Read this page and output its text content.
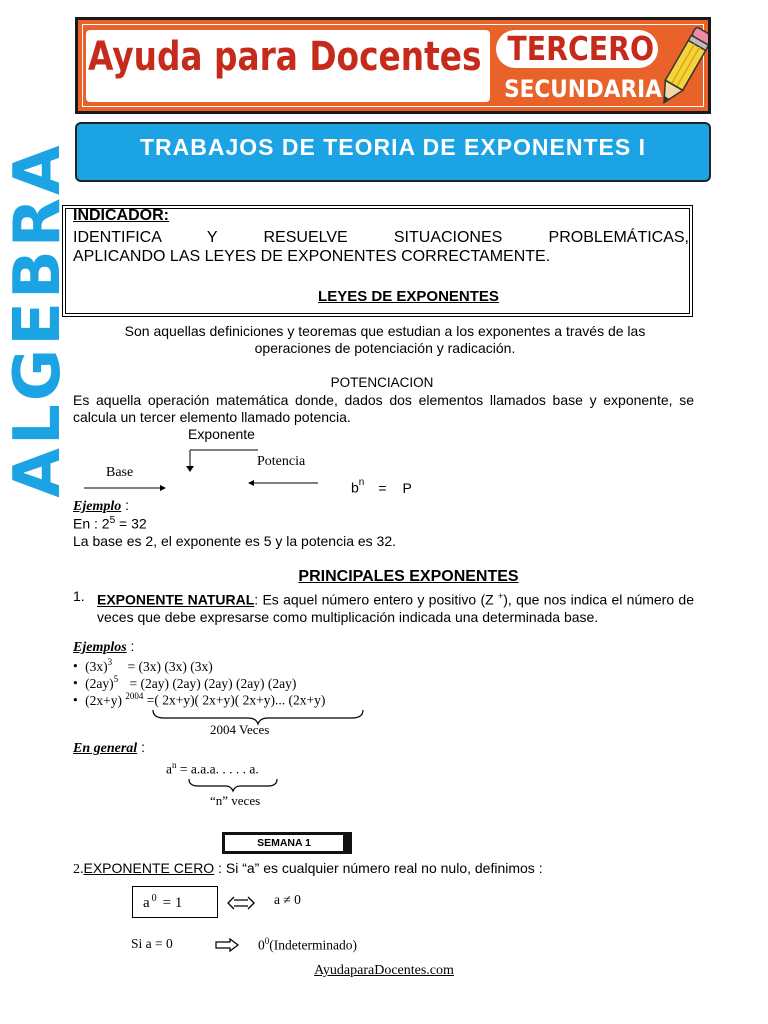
Ayuda para Docentes TERCERO
SECUNDARIA
TRABAJOS DE TEORIA DE EXPONENTES I
ALGEBRA
INDICADOR:
IDENTIFICA Y RESUELVE SITUACIONES PROBLEMÁTICAS,
APLICANDO LAS LEYES DE EXPONENTES CORRECTAMENTE.
LEYES DE EXPONENTES
Son aquellas definiciones y teoremas que estudian a los exponentes a través de las
operaciones de potenciación y radicación.
POTENCIACION
Es aquella operación matemática donde, dados dos elementos llamados base y exponente, se calcula un tercer elemento llamado potencia.
Exponente
Base
Potencia
$b^n = P$
Ejemplo :
En : $2^5 = 32$
La base es 2, el exponente es 5 y la potencia es 32.
PRINCIPALES EXPONENTES
1. EXPONENTE NATURAL: Es aquel número entero y positivo (Z +), que nos indica el número de veces que debe expresarse como multiplicación indicada una determinada base.
Ejemplos :
• $(3x)^3 = (3x)$ (3x) (3x)
• $(2ay)^5 = (2ay)$ (2ay) (2ay) (2ay) (2ay)
• (2x+y) $^{2004}$ =( 2x+y)( 2x+y)( 2x+y)... (2x+y)
2004 Veces
En general :
$a^n = a.a.a$. . . . . a.
“n” veces
SEMANA 1
2.EXPONENTE CERO : Si “a” es cualquier número real no nulo, definimos :
a $^0$ = 1	a ≠ 0
Si a = 0	$0^0(Indeterminado)$
AyudaparaDocentes.com
